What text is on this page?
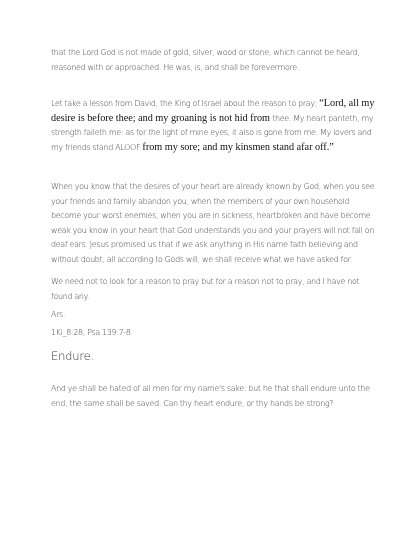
that the Lord God is not made of gold, silver, wood or stone, which cannot be heard, reasoned with or approached. He was, is, and shall be forevermore.

Let take a lesson from David, the King of Israel about the reason to pray; “Lord, all my desire is before thee; and my groaning is not hid from thee. My heart panteth, my strength faileth me: as for the light of mine eyes, it also is gone from me. My lovers and my friends stand ALOOF from my sore; and my kinsmen stand afar off.”

When you know that the desires of your heart are already known by God, when you see your friends and family abandon you, when the members of your own household become your worst enemies, when you are in sickness, heartbroken and have become weak you know in your heart that God understands you and your prayers will not fall on deaf ears. Jesus promised us that if we ask anything in His name faith believing and without doubt, all according to Gods will, we shall receive what we have asked for.

We need not to look for a reason to pray but for a reason not to pray, and I have not found any.

Ars.

1Ki_8:28, Psa 139:7-8

Endure.

And ye shall be hated of all men for my name's sake: but he that shall endure unto the end, the same shall be saved. Can thy heart endure, or thy hands be strong?
